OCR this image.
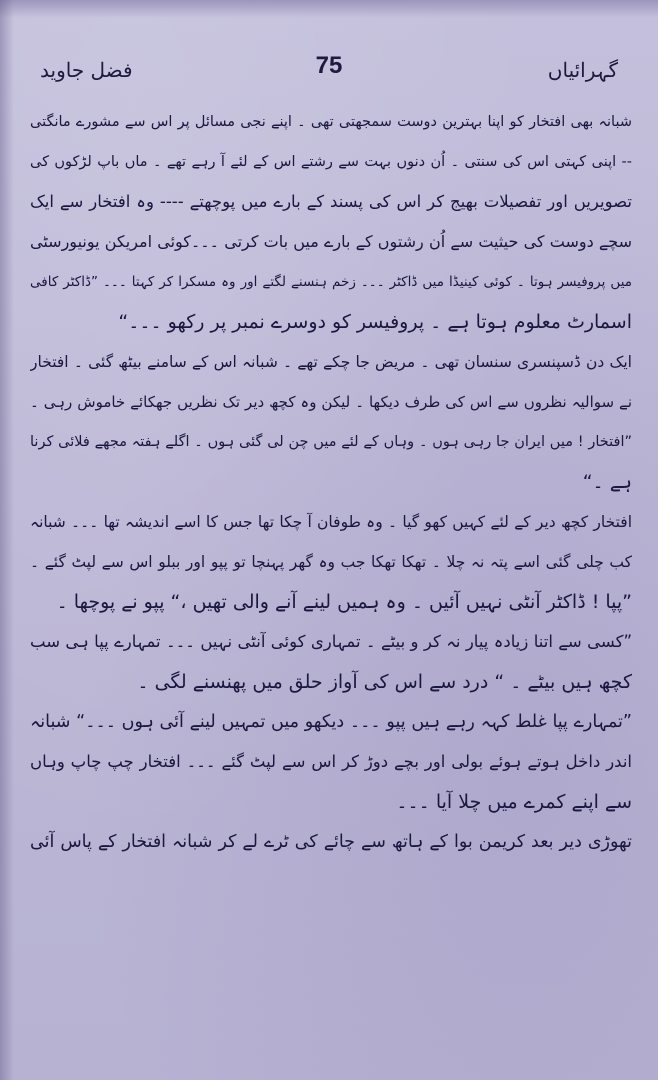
فضل جاوید	75	گہرائیاں
شبانہ بھی افتخار کو اپنا بہترین دوست سمجھتی تھی ۔ اپنے نجی مسائل پر اس سے مشورے مانگتی
-- اپنی کہتی اس کی سنتی ۔ اُن دنوں بہت سے رشتے اس کے لئے آ رہے تھے ۔ ماں باپ لڑکوں کی
تصویریں اور تفصیلات بھیج کر اس کی پسند کے بارے میں پوچھتے ---- وہ افتخار سے ایک
سچے دوست کی حیثیت سے اُن رشتوں کے بارے میں بات کرتی ۔۔۔کوئی امریکن یونیورسٹی
میں پروفیسر ہوتا ۔ کوئی کینیڈا میں ڈاکٹر ۔۔۔ زخم ہنسنے لگتے اور وہ مسکرا کر کہتا ۔۔۔ ”ڈاکٹر کافی
اسمارٹ معلوم ہوتا ہے ۔ پروفیسر کو دوسرے نمبر پر رکھو ۔۔۔“
ایک دن ڈسپنسری سنسان تھی ۔ مریض جا چکے تھے ۔ شبانہ اس کے سامنے بیٹھ گئی ۔ افتخار
نے سوالیہ نظروں سے اس کی طرف دیکھا ۔ لیکن وہ کچھ دیر تک نظریں جھکائے خاموش رہی ۔
”افتخار ! میں ایران جا رہی ہوں ۔ وہاں کے لئے میں چن لی گئی ہوں ۔ اگلے ہفتہ مجھے فلائی کرنا
ہے ۔“
افتخار کچھ دیر کے لئے کہیں کھو گیا ۔ وہ طوفان آ چکا تھا جس کا اسے اندیشہ تھا ۔۔۔ شبانہ
کب چلی گئی اسے پتہ نہ چلا ۔ تھکا تھکا جب وہ گھر پہنچا تو پپو اور ببلو اس سے لپٹ گئے ۔
”پپا ! ڈاکٹر آنٹی نہیں آئیں ۔ وہ ہمیں لینے آنے والی تھیں ،“ پپو نے پوچھا ۔
”کسی سے اتنا زیادہ پیار نہ کر و بیٹے ۔ تمہاری کوئی آنٹی نہیں ۔۔۔ تمہارے پپا ہی سب
کچھ ہیں بیٹے ۔ “ درد سے اس کی آواز حلق میں پھنسنے لگی ۔
”تمہارے پپا غلط کہہ رہے ہیں پپو ۔۔۔ دیکھو میں تمہیں لینے آئی ہوں ۔۔۔“ شبانہ
اندر داخل ہوتے ہوئے بولی اور بچے دوڑ کر اس سے لپٹ گئے ۔۔۔ افتخار چپ چاپ وہاں
سے اپنے کمرے میں چلا آیا ۔۔۔
تھوڑی دیر بعد کریمن بوا کے ہاتھ سے چائے کی ٹرے لے کر شبانہ افتخار کے پاس آئی
